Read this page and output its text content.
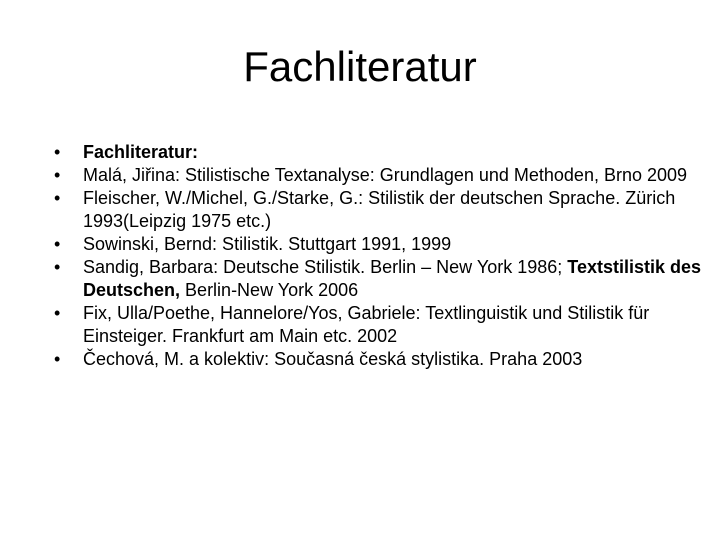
Fachliteratur
•	Fachliteratur:
•	Malá, Jiřina: Stilistische Textanalyse: Grundlagen und Methoden, Brno 2009
•	Fleischer, W./Michel, G./Starke, G.: Stilistik der deutschen Sprache. Zürich 1993(Leipzig 1975 etc.)
•	Sowinski, Bernd: Stilistik. Stuttgart 1991, 1999
•	Sandig, Barbara: Deutsche Stilistik. Berlin – New York 1986; Textstilistik des Deutschen, Berlin-New York 2006
•	Fix, Ulla/Poethe, Hannelore/Yos, Gabriele: Textlinguistik und Stilistik für Einsteiger. Frankfurt am Main etc. 2002
•	Čechová, M. a kolektiv: Současná česká stylistika. Praha 2003
